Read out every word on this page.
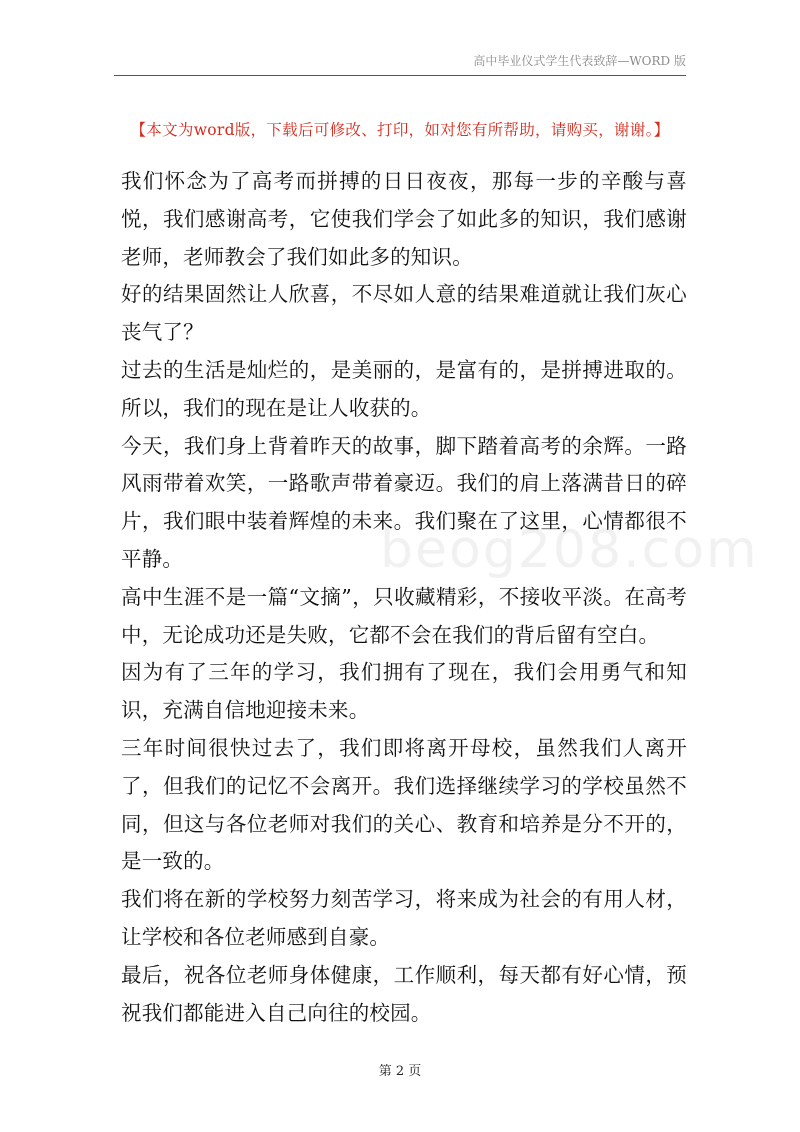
高中毕业仪式学生代表致辞—WORD 版
【本文为word版，下载后可修改、打印，如对您有所帮助，请购买，谢谢。】

我们怀念为了高考而拼搏的日日夜夜，那每一步的辛酸与喜悦，我们感谢高考，它使我们学会了如此多的知识，我们感谢老师，老师教会了我们如此多的知识。

好的结果固然让人欣喜，不尽如人意的结果难道就让我们灰心丧气了？

过去的生活是灿烂的，是美丽的，是富有的，是拼搏进取的。所以，我们的现在是让人收获的。

今天，我们身上背着昨天的故事，脚下踏着高考的余辉。一路风雨带着欢笑，一路歌声带着豪迈。我们的肩上落满昔日的碎片，我们眼中装着辉煌的未来。我们聚在了这里，心情都很不平静。

高中生涯不是一篇“文摘”，只收藏精彩，不接收平淡。在高考中，无论成功还是失败，它都不会在我们的背后留有空白。

因为有了三年的学习，我们拥有了现在，我们会用勇气和知识，充满自信地迎接未来。

三年时间很快过去了，我们即将离开母校，虽然我们人离开了，但我们的记忆不会离开。我们选择继续学习的学校虽然不同，但这与各位老师对我们的关心、教育和培养是分不开的，是一致的。

我们将在新的学校努力刻苦学习，将来成为社会的有用人材，让学校和各位老师感到自豪。

最后，祝各位老师身体健康，工作顺利，每天都有好心情，预祝我们都能进入自己向往的校园。

beog208.com
第 2 页
